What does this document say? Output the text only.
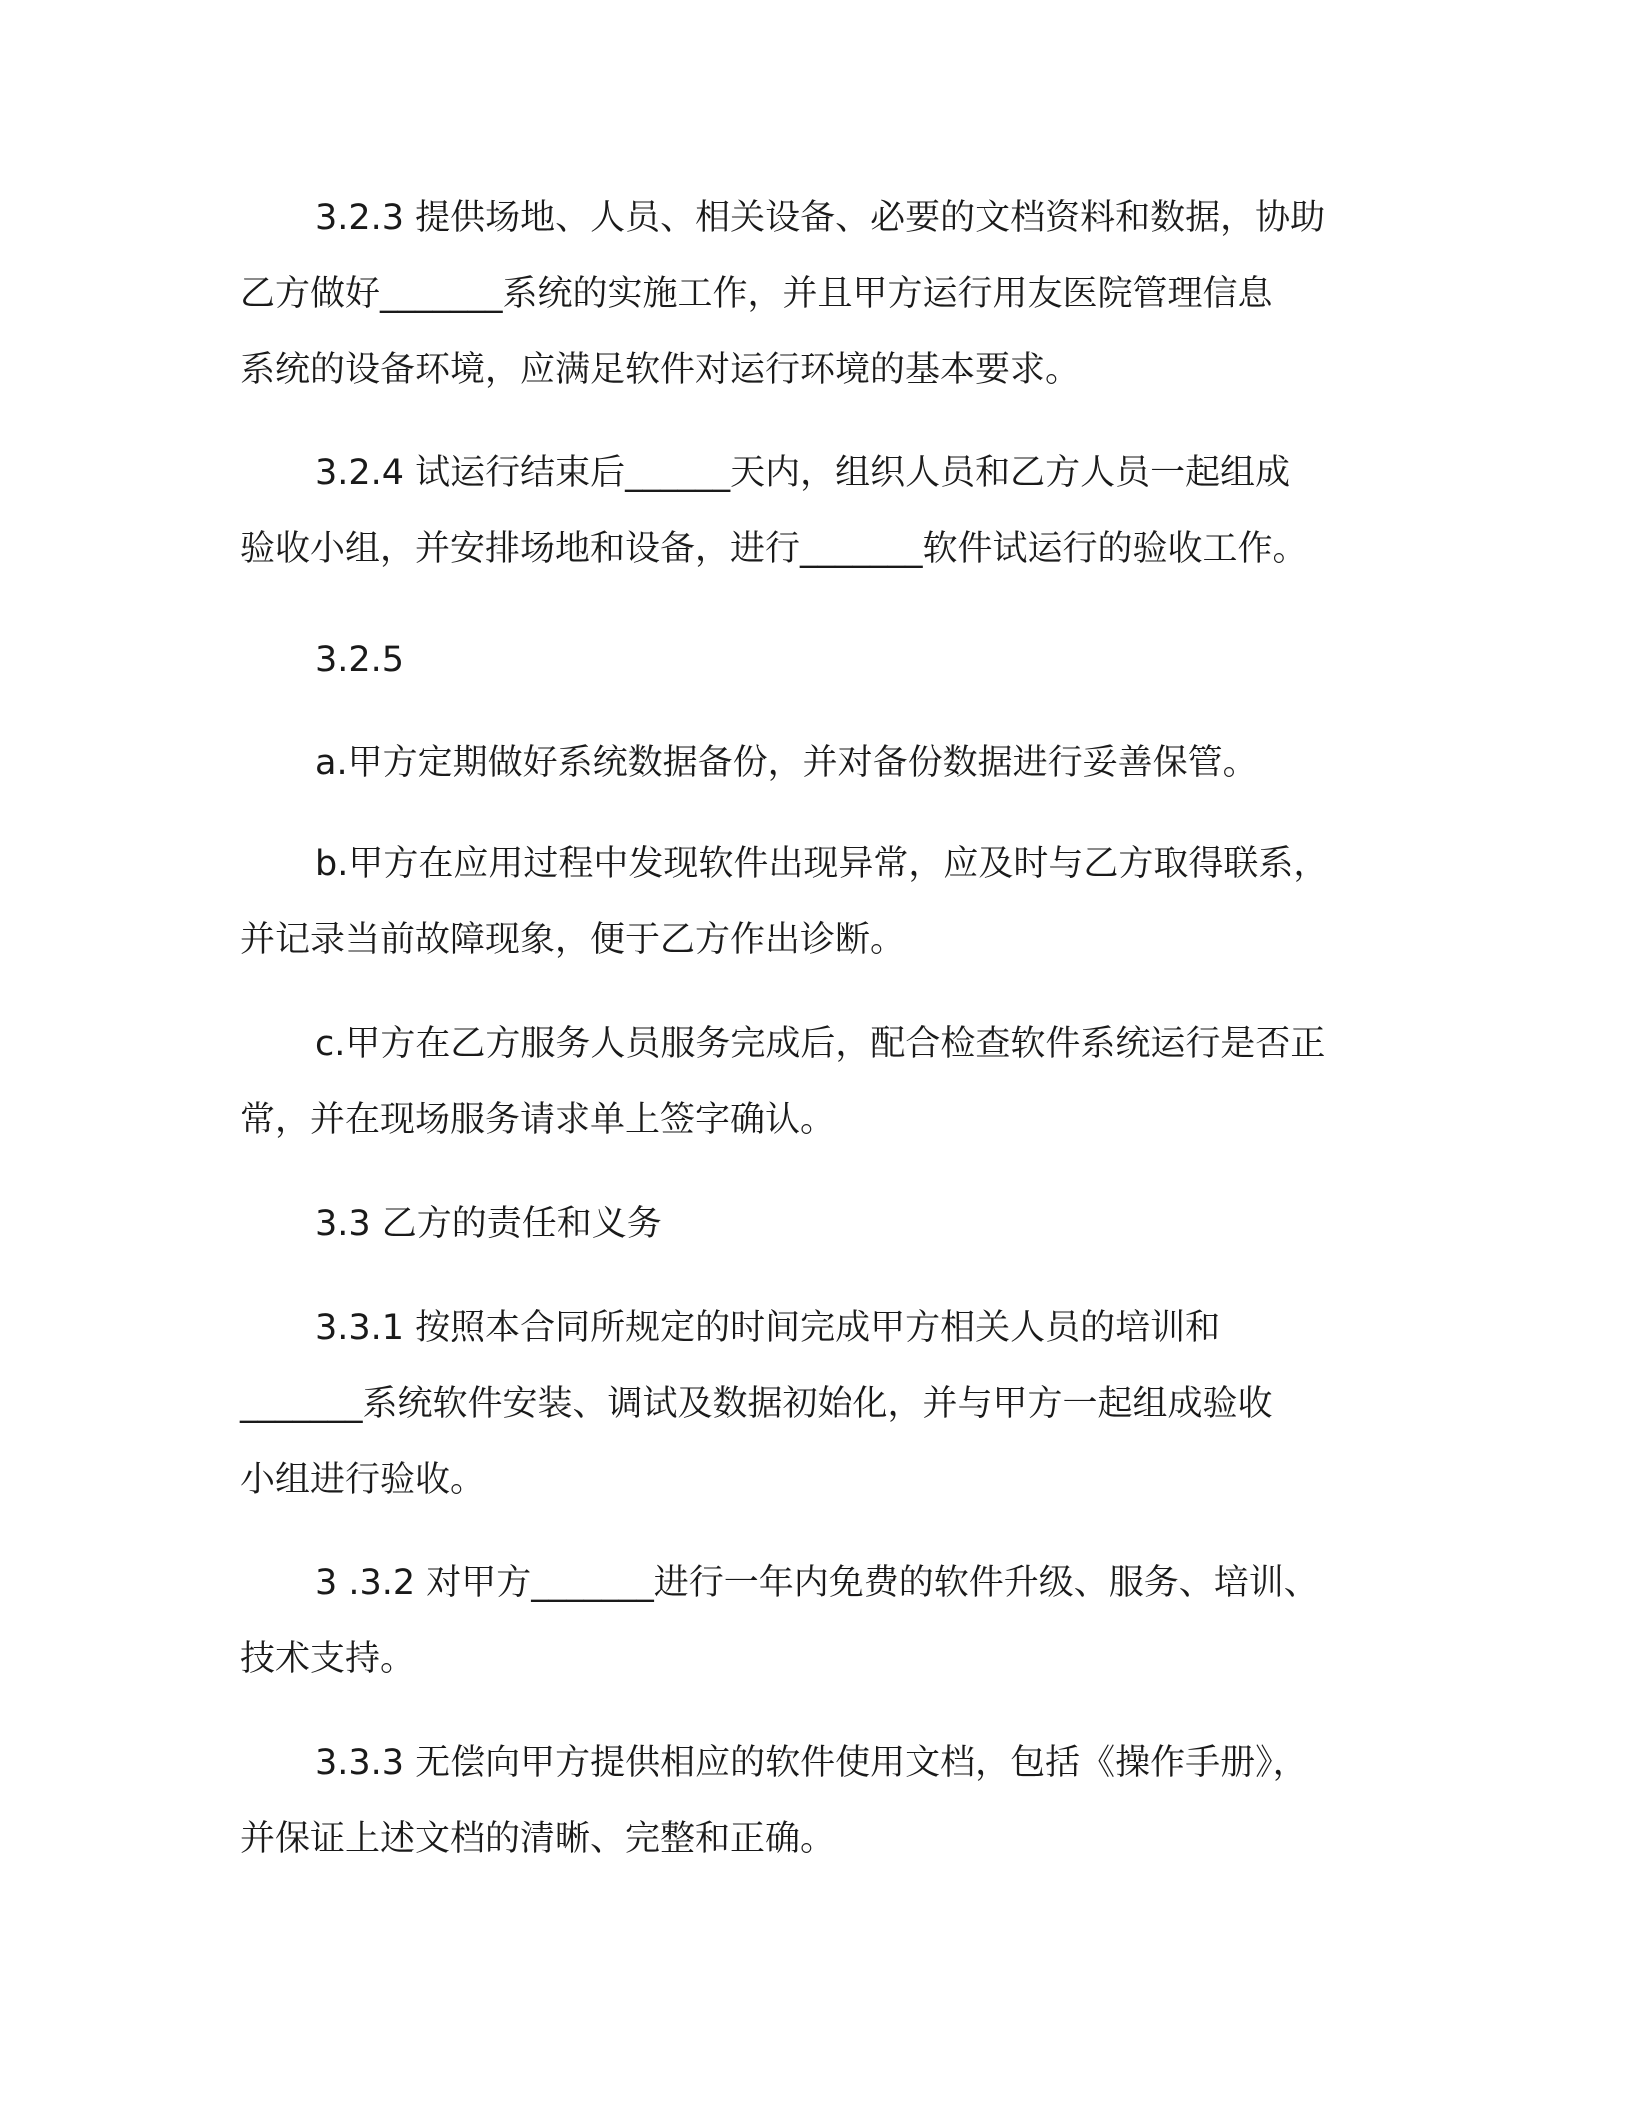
3.2.3 提供场地、人员、相关设备、必要的文档资料和数据，协助
乙方做好_______系统的实施工作，并且甲方运行用友医院管理信息
系统的设备环境，应满足软件对运行环境的基本要求。

3.2.4 试运行结束后______天内，组织人员和乙方人员一起组成
验收小组，并安排场地和设备，进行_______软件试运行的验收工作。

3.2.5

a.甲方定期做好系统数据备份，并对备份数据进行妥善保管。

b.甲方在应用过程中发现软件出现异常，应及时与乙方取得联系，
并记录当前故障现象，便于乙方作出诊断。

c.甲方在乙方服务人员服务完成后，配合检查软件系统运行是否正
常，并在现场服务请求单上签字确认。

3.3 乙方的责任和义务

3.3.1 按照本合同所规定的时间完成甲方相关人员的培训和
_______系统软件安装、调试及数据初始化，并与甲方一起组成验收
小组进行验收。

3 .3.2 对甲方_______进行一年内免费的软件升级、服务、培训、
技术支持。

3.3.3 无偿向甲方提供相应的软件使用文档，包括《操作手册》，
并保证上述文档的清晰、完整和正确。
